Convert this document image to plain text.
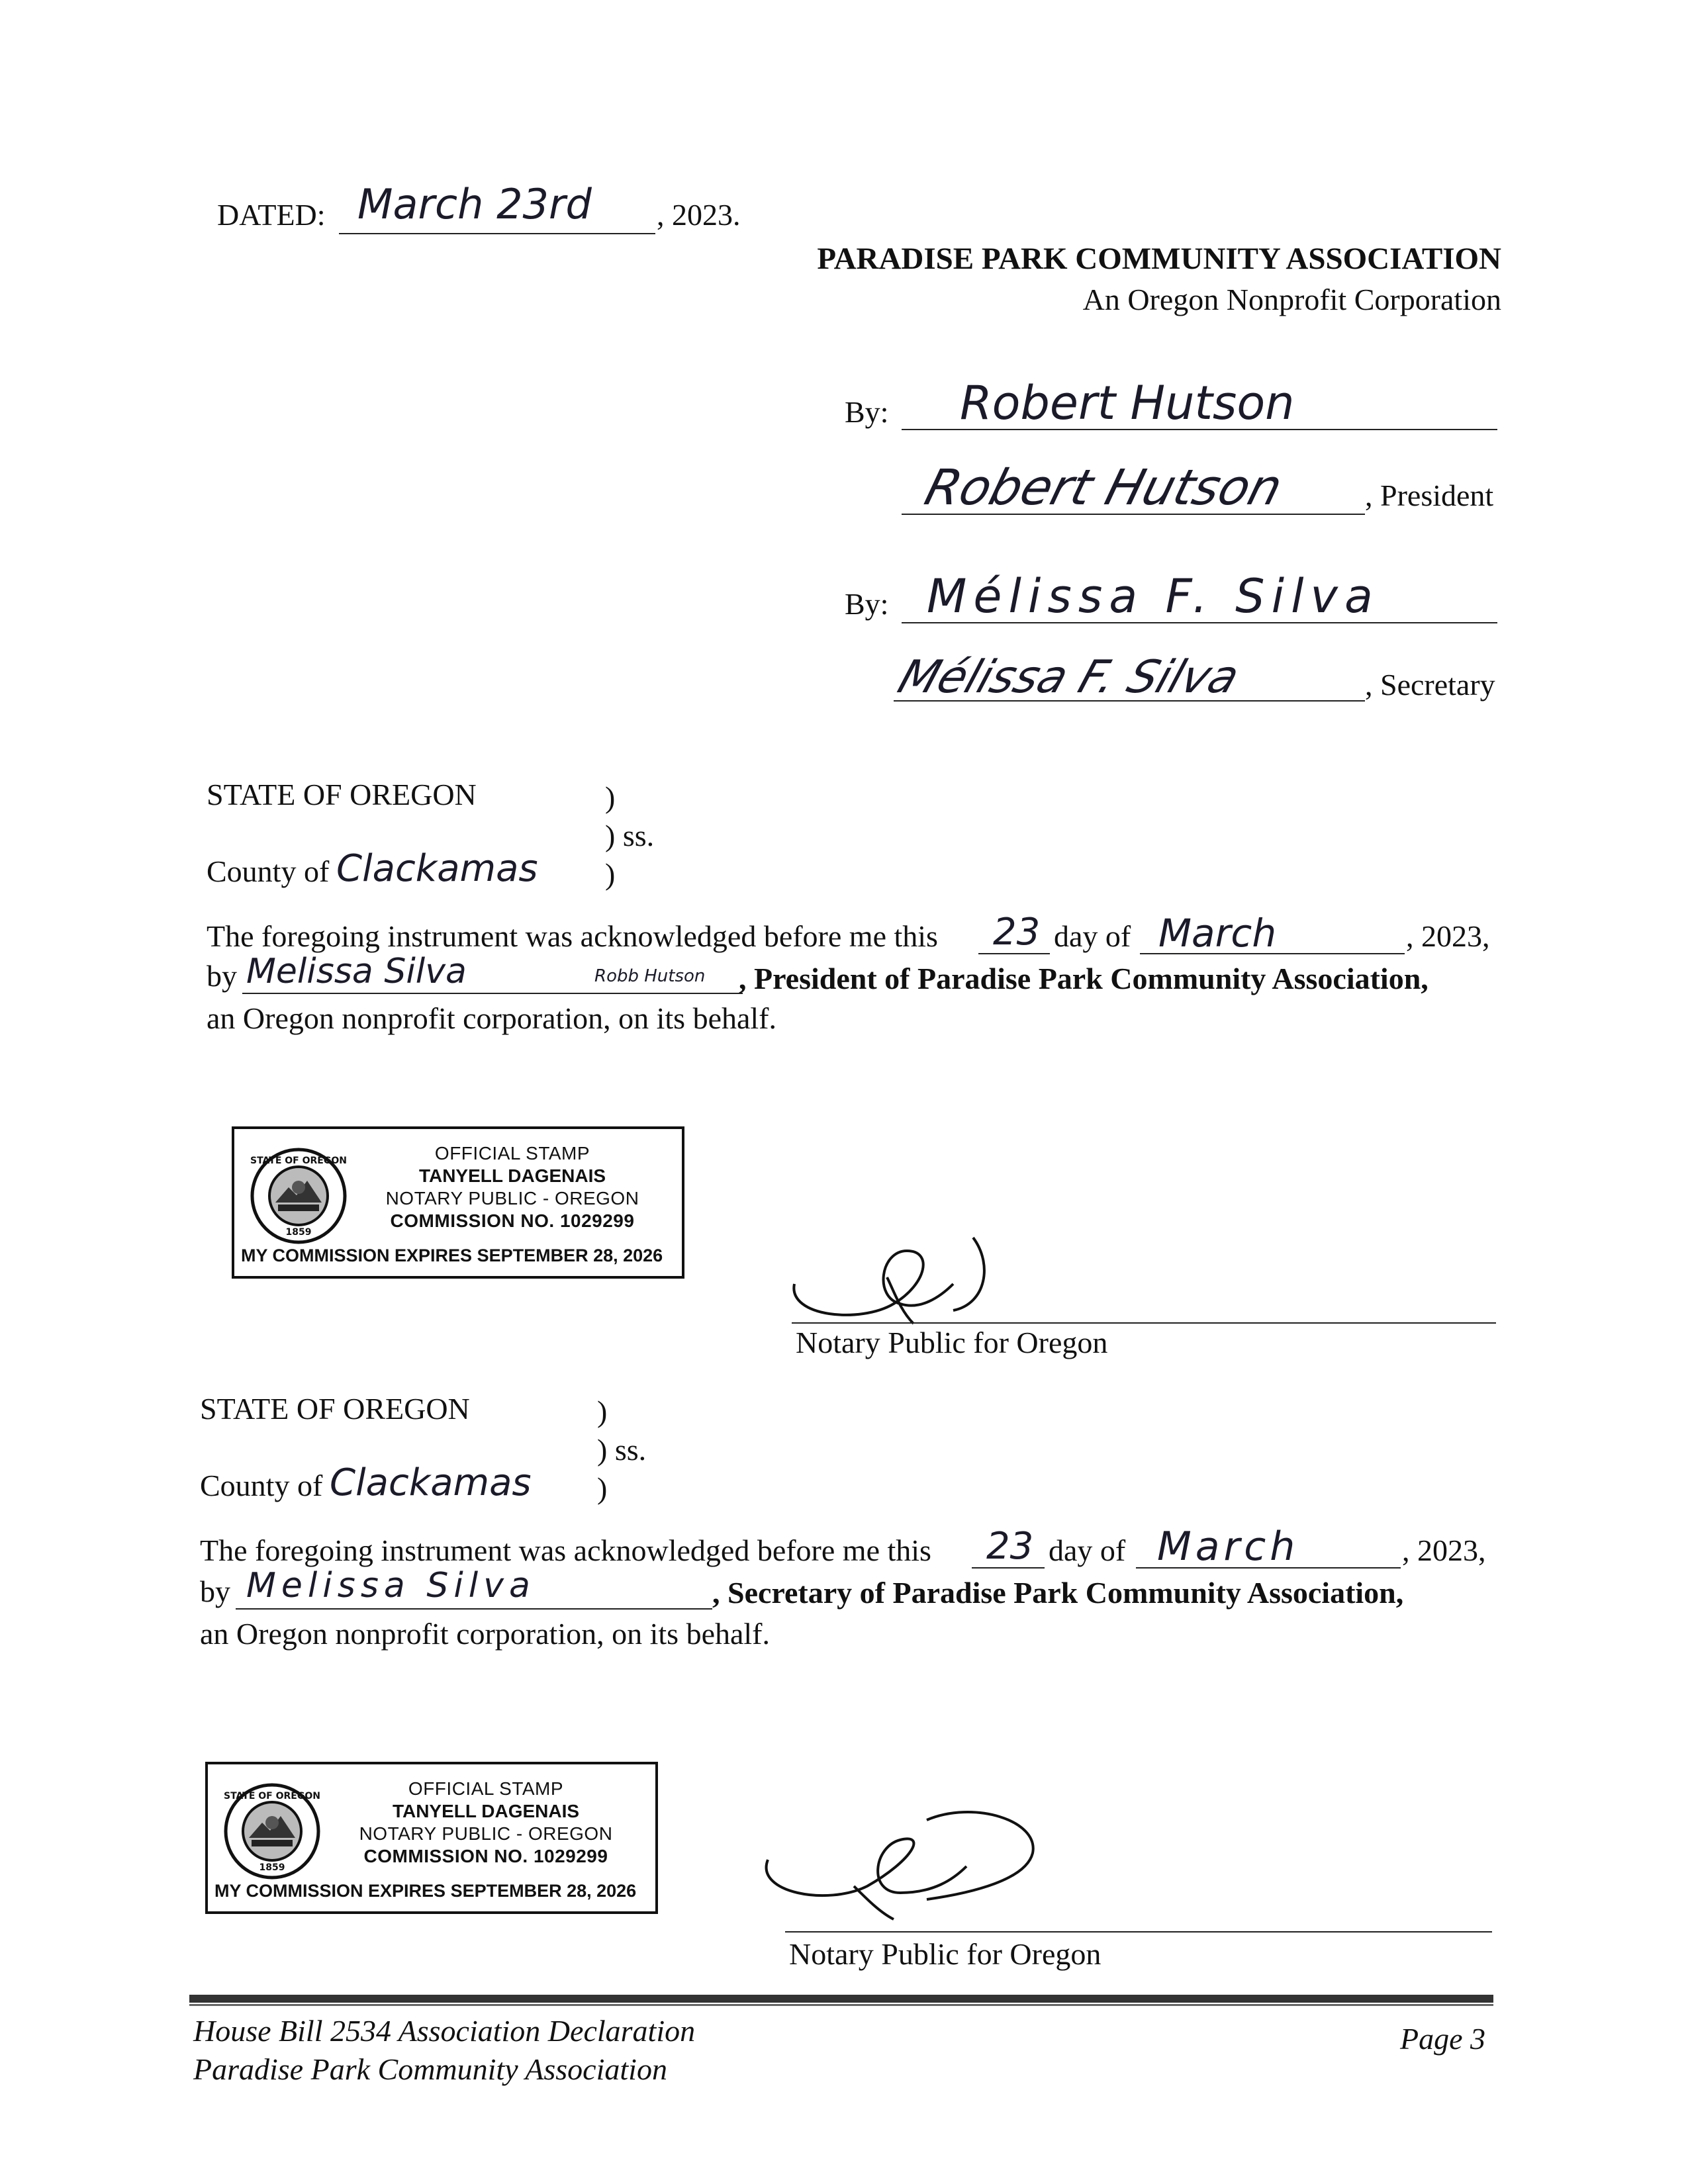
DATED: March 23rd , 2023.
PARADISE PARK COMMUNITY ASSOCIATION
An Oregon Nonprofit Corporation
By: Robert Hutson
Robert Hutson	, President
By: Mélissa F. Silva
Mélissa F. Silva	, Secretary
STATE OF OREGON	)
) ss.
County of Clackamas )
The foregoing instrument was acknowledged before me this 23 day of March	, 2023,
by Melissa Silva	Robb Hutson , President of Paradise Park Community Association,
an Oregon nonprofit corporation, on its behalf.
STATE OF OREGON
1859
OFFICIAL STAMP
TANYELL DAGENAIS
NOTARY PUBLIC - OREGON
COMMISSION NO. 1029299
MY COMMISSION EXPIRES SEPTEMBER 28, 2026
Notary Public for Oregon
STATE OF OREGON	)
) ss.
County of Clackamas )
The foregoing instrument was acknowledged before me this 23 day of March	, 2023,
by Melissa Silva	, Secretary of Paradise Park Community Association,
an Oregon nonprofit corporation, on its behalf.
STATE OF OREGON
1859
OFFICIAL STAMP
TANYELL DAGENAIS
NOTARY PUBLIC - OREGON
COMMISSION NO. 1029299
MY COMMISSION EXPIRES SEPTEMBER 28, 2026
Notary Public for Oregon
House Bill 2534 Association Declaration
Paradise Park Community Association
Page 3
